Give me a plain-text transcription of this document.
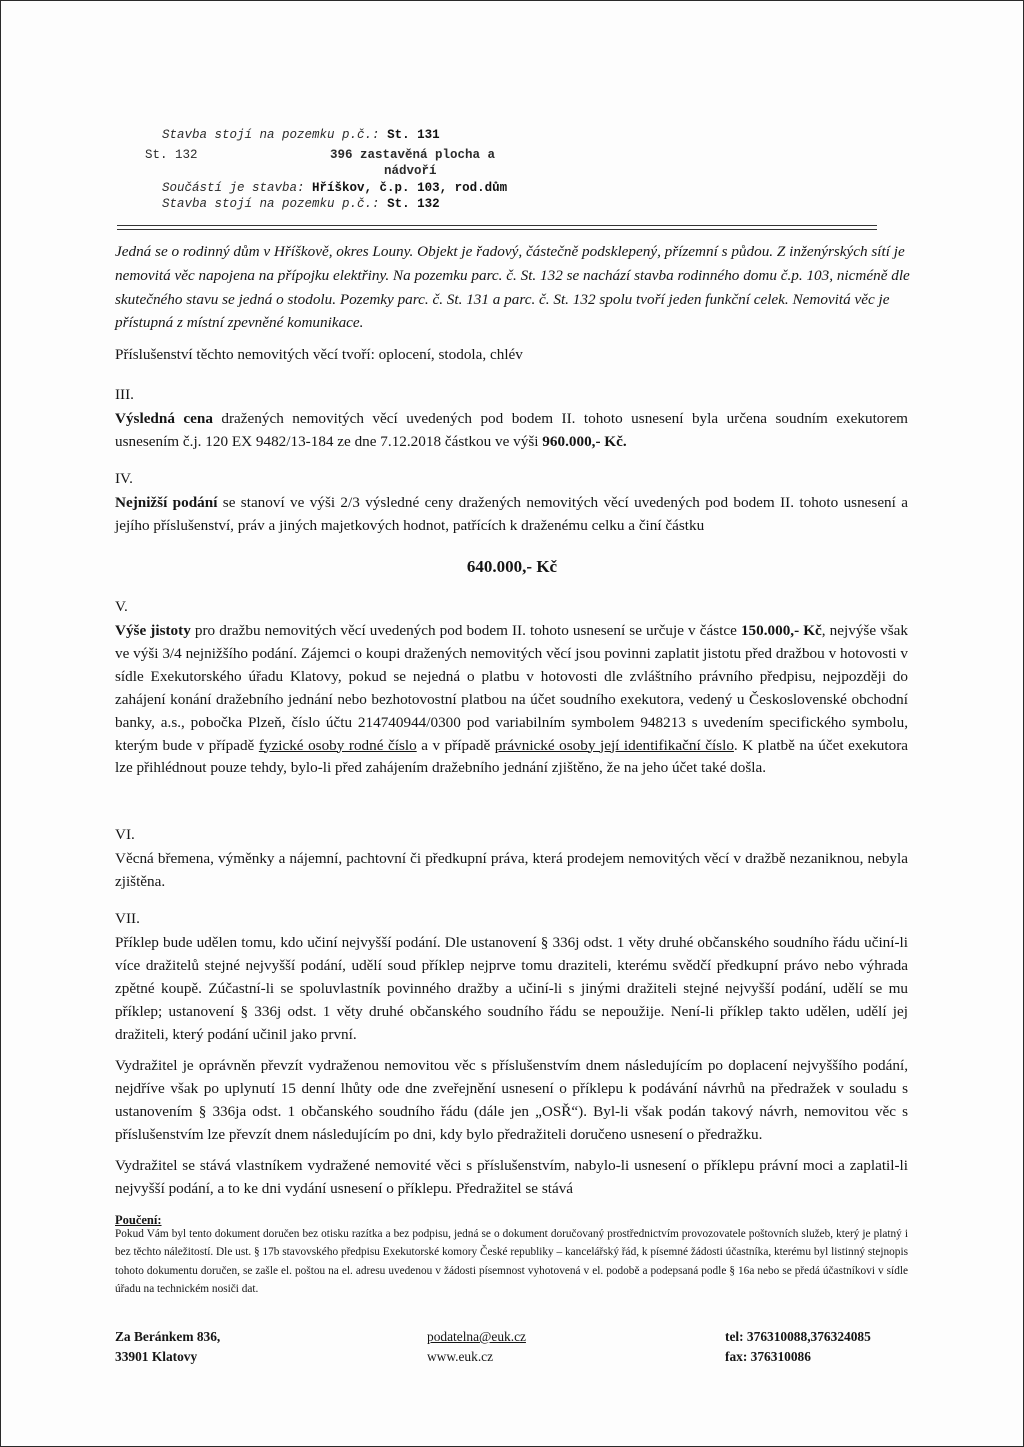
Stavba stojí na pozemku p.č.: St. 131
St. 132	396 zastavěná plocha a
nádvoří
Součástí je stavba: Hříškov, č.p. 103, rod.dům
Stavba stojí na pozemku p.č.: St. 132

Jedná se o rodinný dům v Hříškově, okres Louny. Objekt je řadový, částečně podsklepený, přízemní s půdou. Z inženýrských sítí je nemovitá věc napojena na přípojku elektřiny. Na pozemku parc. č. St. 132 se nachází stavba rodinného domu č.p. 103, nicméně dle skutečného stavu se jedná o stodolu. Pozemky parc. č. St. 131 a parc. č. St. 132 spolu tvoří jeden funkční celek. Nemovitá věc je přístupná z místní zpevněné komunikace.

Příslušenství těchto nemovitých věcí tvoří: oplocení, stodola, chlév

III.

Výsledná cena dražených nemovitých věcí uvedených pod bodem II. tohoto usnesení byla určena soudním exekutorem usnesením č.j. 120 EX 9482/13-184 ze dne 7.12.2018 částkou ve výši 960.000,- Kč.

IV.

Nejnižší podání se stanoví ve výši 2/3 výsledné ceny dražených nemovitých věcí uvedených pod bodem II. tohoto usnesení a jejího příslušenství, práv a jiných majetkových hodnot, patřících k draženému celku a činí částku

640.000,- Kč

V.

Výše jistoty pro dražbu nemovitých věcí uvedených pod bodem II. tohoto usnesení se určuje v částce 150.000,- Kč, nejvýše však ve výši 3/4 nejnižšího podání. Zájemci o koupi dražených nemovitých věcí jsou povinni zaplatit jistotu před dražbou v hotovosti v sídle Exekutorského úřadu Klatovy, pokud se nejedná o platbu v hotovosti dle zvláštního právního předpisu, nejpozději do zahájení konání dražebního jednání nebo bezhotovostní platbou na účet soudního exekutora, vedený u Československé obchodní banky, a.s., pobočka Plzeň, číslo účtu 214740944/0300 pod variabilním symbolem 948213 s uvedením specifického symbolu, kterým bude v případě fyzické osoby rodné číslo a v případě právnické osoby její identifikační číslo. K platbě na účet exekutora lze přihlédnout pouze tehdy, bylo-li před zahájením dražebního jednání zjištěno, že na jeho účet také došla.

VI.

Věcná břemena, výměnky a nájemní, pachtovní či předkupní práva, která prodejem nemovitých věcí v dražbě nezaniknou, nebyla zjištěna.

VII.

Příklep bude udělen tomu, kdo učiní nejvyšší podání. Dle ustanovení § 336j odst. 1 věty druhé občanského soudního řádu učiní-li více dražitelů stejné nejvyšší podání, udělí soud příklep nejprve tomu draziteli, kterému svědčí předkupní právo nebo výhrada zpětné koupě. Zúčastní-li se spoluvlastník povinného dražby a učiní-li s jinými dražiteli stejné nejvyšší podání, udělí se mu příklep; ustanovení § 336j odst. 1 věty druhé občanského soudního řádu se nepoužije. Není-li příklep takto udělen, udělí jej dražiteli, který podání učinil jako první.

Vydražitel je oprávněn převzít vydraženou nemovitou věc s příslušenstvím dnem následujícím po doplacení nejvyššího podání, nejdříve však po uplynutí 15 denní lhůty ode dne zveřejnění usnesení o příklepu k podávání návrhů na předražek v souladu s ustanovením § 336ja odst. 1 občanského soudního řádu (dále jen „OSŘ“). Byl-li však podán takový návrh, nemovitou věc s příslušenstvím lze převzít dnem následujícím po dni, kdy bylo předražiteli doručeno usnesení o předražku.

Vydražitel se stává vlastníkem vydražené nemovité věci s příslušenstvím, nabylo-li usnesení o příklepu právní moci a zaplatil-li nejvyšší podání, a to ke dni vydání usnesení o příklepu. Předražitel se stává

Poučení:

Pokud Vám byl tento dokument doručen bez otisku razítka a bez podpisu, jedná se o dokument doručovaný prostřednictvím provozovatele poštovních služeb, který je platný i bez těchto náležitostí. Dle ust. § 17b stavovského předpisu Exekutorské komory České republiky – kancelářský řád, k písemné žádosti účastníka, kterému byl listinný stejnopis tohoto dokumentu doručen, se zašle el. poštou na el. adresu uvedenou v žádosti písemnost vyhotovená v el. podobě a podepsaná podle § 16a nebo se předá účastníkovi v sídle úřadu na technickém nosiči dat.

Za Beránkem 836,
33901 Klatovy

podatelna@euk.cz
www.euk.cz

tel: 376310088,376324085
fax: 376310086
